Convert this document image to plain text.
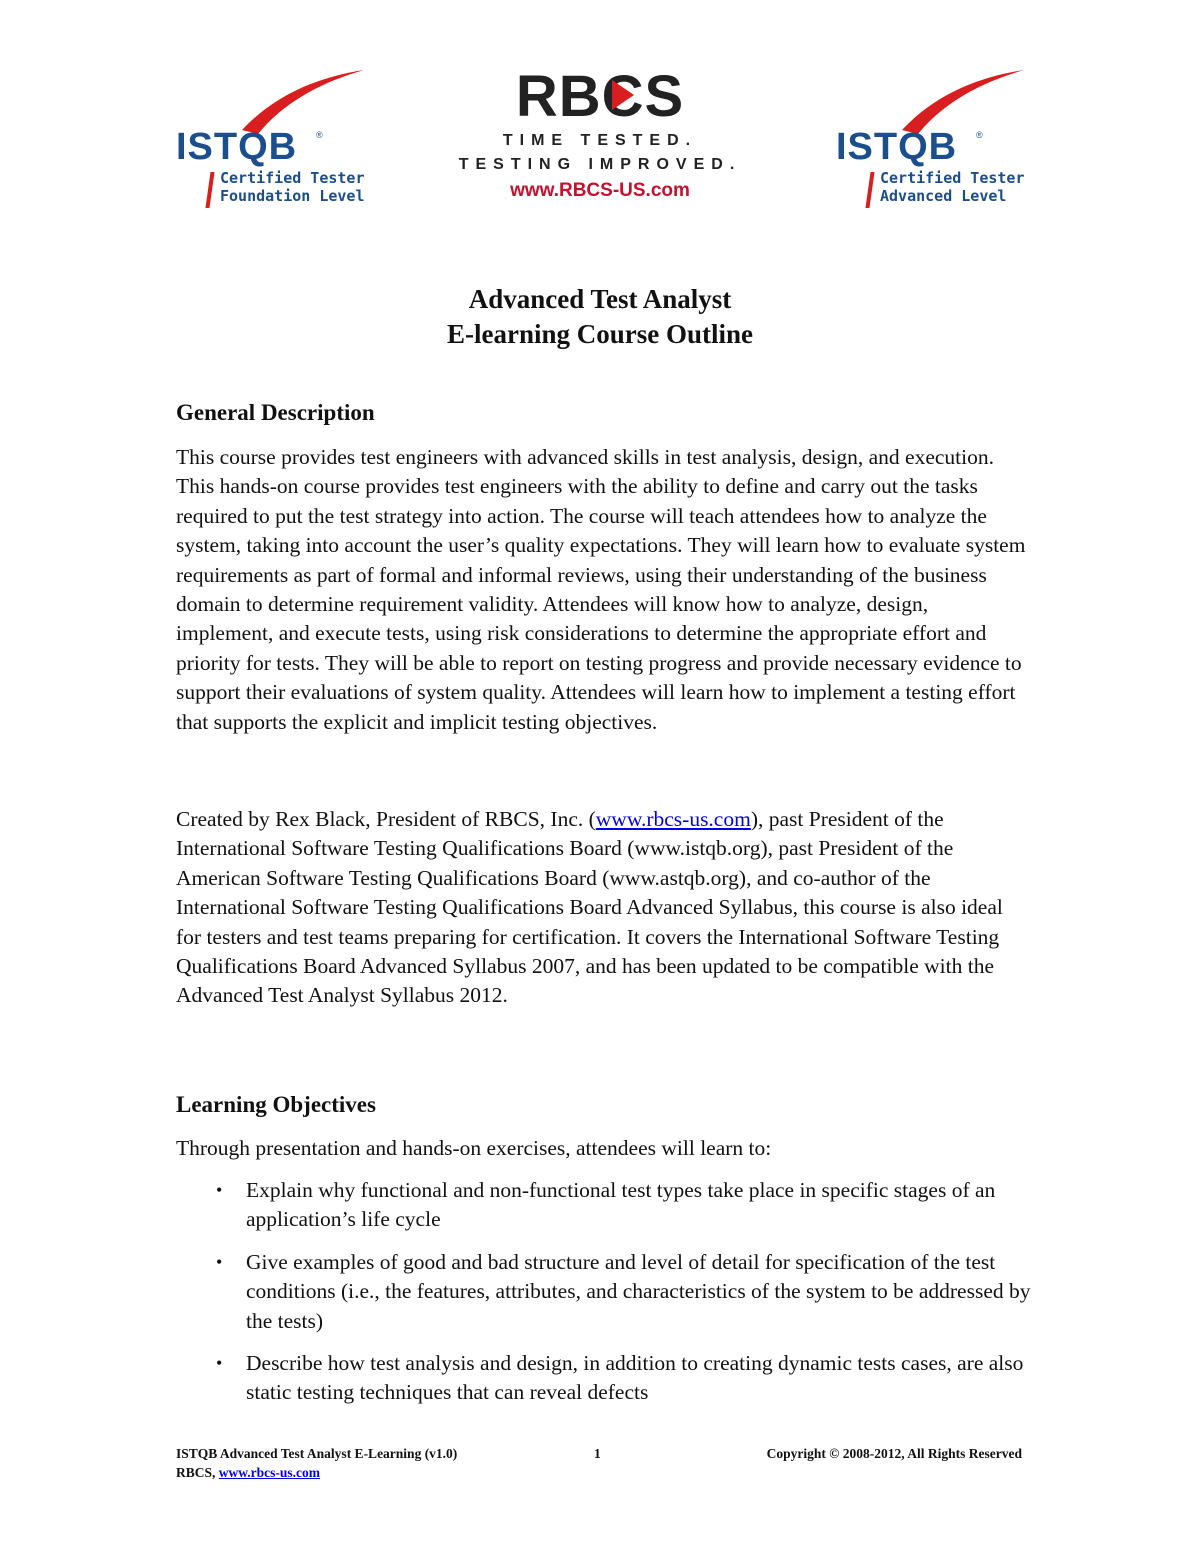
ISTQB ®
Certified Tester
Foundation Level
RBCS
TIME TESTED.
TESTING IMPROVED.
www.RBCS-US.com
ISTQB ®
Certified Tester
Advanced Level
Advanced Test Analyst
E-learning Course Outline
General Description

This course provides test engineers with advanced skills in test analysis, design, and execution. This hands-on course provides test engineers with the ability to define and carry out the tasks required to put the test strategy into action. The course will teach attendees how to analyze the system, taking into account the user’s quality expectations. They will learn how to evaluate system requirements as part of formal and informal reviews, using their understanding of the business domain to determine requirement validity. Attendees will know how to analyze, design, implement, and execute tests, using risk considerations to determine the appropriate effort and priority for tests. They will be able to report on testing progress and provide necessary evidence to support their evaluations of system quality. Attendees will learn how to implement a testing effort that supports the explicit and implicit testing objectives.

Created by Rex Black, President of RBCS, Inc. (www.rbcs-us.com), past President of the International Software Testing Qualifications Board (www.istqb.org), past President of the American Software Testing Qualifications Board (www.astqb.org), and co-author of the International Software Testing Qualifications Board Advanced Syllabus, this course is also ideal for testers and test teams preparing for certification. It covers the International Software Testing Qualifications Board Advanced Syllabus 2007, and has been updated to be compatible with the Advanced Test Analyst Syllabus 2012.

Learning Objectives

Through presentation and hands-on exercises, attendees will learn to:

• Explain why functional and non-functional test types take place in specific stages of an application’s life cycle
• Give examples of good and bad structure and level of detail for specification of the test conditions (i.e., the features, attributes, and characteristics of the system to be addressed by the tests)
• Describe how test analysis and design, in addition to creating dynamic tests cases, are also static testing techniques that can reveal defects
ISTQB Advanced Test Analyst E-Learning (v1.0)	1	Copyright © 2008-2012, All Rights Reserved
RBCS, www.rbcs-us.com
